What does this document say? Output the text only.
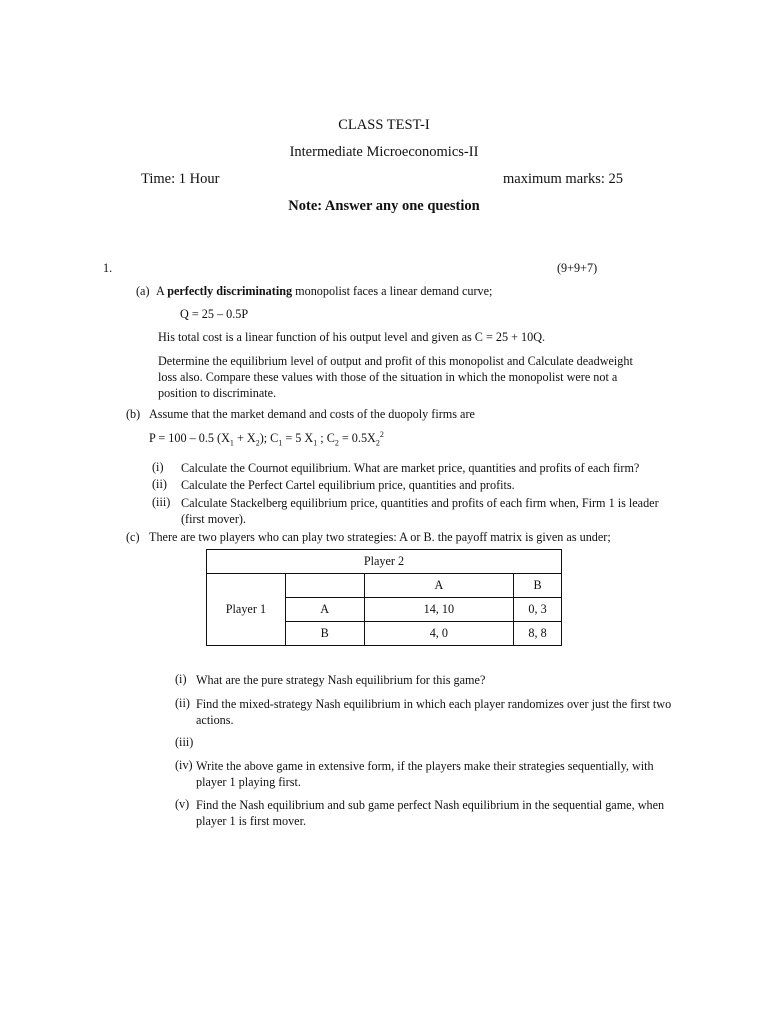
CLASS TEST-I
Intermediate Microeconomics-II
Time: 1 Hour	maximum marks: 25
Note: Answer any one question
1.	(9+9+7)
(a) A perfectly discriminating monopolist faces a linear demand curve;
Q = 25 – 0.5P
His total cost is a linear function of his output level and given as C = 25 + 10Q.
Determine the equilibrium level of output and profit of this monopolist and Calculate deadweight loss also. Compare these values with those of the situation in which the monopolist were not a position to discriminate.
(b) Assume that the market demand and costs of the duopoly firms are
P = 100 – 0.5 $(X_1 + X_2)$; $C_1 = 5$ $X_1$ ; $C_2 = 0.5X_2^2$
(i) Calculate the Cournot equilibrium. What are market price, quantities and profits of each firm?
(ii) Calculate the Perfect Cartel equilibrium price, quantities and profits.
(iii) Calculate Stackelberg equilibrium price, quantities and profits of each firm when, Firm 1 is leader (first mover).
(c) There are two players who can play two strategies: A or B. the payoff matrix is given as under;
Player 2			
Player 1		A	B
	A	14, 10	0, 3
	B	4, 0	8, 8
(i) What are the pure strategy Nash equilibrium for this game?
(ii) Find the mixed-strategy Nash equilibrium in which each player randomizes over just the first two actions.
(iii)
(iv) Write the above game in extensive form, if the players make their strategies sequentially, with player 1 playing first.
(v) Find the Nash equilibrium and sub game perfect Nash equilibrium in the sequential game, when player 1 is first mover.
